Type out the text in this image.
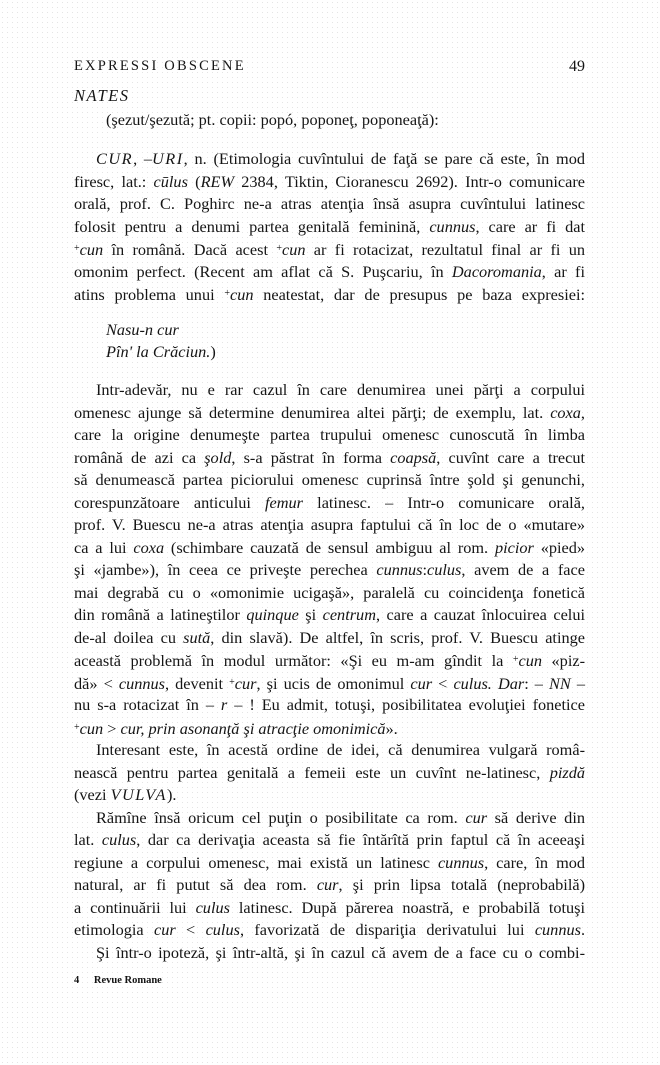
EXPRESSI OBSCENE	49
NATES
(şezut/şezută; pt. copii: popó, poponeţ, poponeaţă):
CUR, –URI, n. (Etimologia cuvîntului de faţă se pare că este, în mod
firesc, lat.: cūlus (REW 2384, Tiktin, Cioranescu 2692). Intr-o comunicare
orală, prof. C. Poghirc ne-a atras atenţia însă asupra cuvîntului latinesc
folosit pentru a denumi partea genitală feminină, cunnus, care ar fi dat
+cun în română. Dacă acest +cun ar fi rotacizat, rezultatul final ar fi un
omonim perfect. (Recent am aflat că S. Puşcariu, în Dacoromania, ar fi
atins problema unui +cun neatestat, dar de presupus pe baza expresiei:
Nasu-n cur
Pîn' la Crăciun.)
Intr-adevăr, nu e rar cazul în care denumirea unei părţi a corpului
omenesc ajunge să determine denumirea altei părţi; de exemplu, lat. coxa,
care la origine denumeşte partea trupului omenesc cunoscută în limba
română de azi ca şold, s-a păstrat în forma coapsă, cuvînt care a trecut
să denumească partea piciorului omenesc cuprinsă între şold şi genunchi,
corespunzătoare anticului femur latinesc. – Intr-o comunicare orală,
prof. V. Buescu ne-a atras atenţia asupra faptului că în loc de o «mutare»
ca a lui coxa (schimbare cauzată de sensul ambiguu al rom. picior «pied»
şi «jambe»), în ceea ce priveşte perechea cunnus:culus, avem de a face
mai degrabă cu o «omonimie ucigaşă», paralelă cu coincidenţa fonetică
din română a latineştilor quinque şi centrum, care a cauzat înlocuirea celui
de-al doilea cu sută, din slavă). De altfel, în scris, prof. V. Buescu atinge
această problemă în modul următor: «Şi eu m-am gîndit la +cun «piz-
dă» < cunnus, devenit +cur, şi ucis de omonimul cur < culus. Dar: – NN –
nu s-a rotacizat în – r – ! Eu admit, totuşi, posibilitatea evoluţiei fonetice
+cun > cur, prin asonanţă şi atracţie omonimică».
Interesant este, în acestă ordine de idei, că denumirea vulgară româ-
nească pentru partea genitală a femeii este un cuvînt ne-latinesc, pizdă
(vezi VULVA).
Rămîne însă oricum cel puţin o posibilitate ca rom. cur să derive din
lat. culus, dar ca derivaţia aceasta să fie întărîtă prin faptul că în aceeaşi
regiune a corpului omenesc, mai există un latinesc cunnus, care, în mod
natural, ar fi putut să dea rom. cur, şi prin lipsa totală (neprobabilă)
a continuării lui culus latinesc. După părerea noastră, e probabilă totuşi
etimologia cur < culus, favorizată de dispariţia derivatului lui cunnus.
Şi într-o ipoteză, şi într-altă, şi în cazul că avem de a face cu o combi-
4 Revue Romane
